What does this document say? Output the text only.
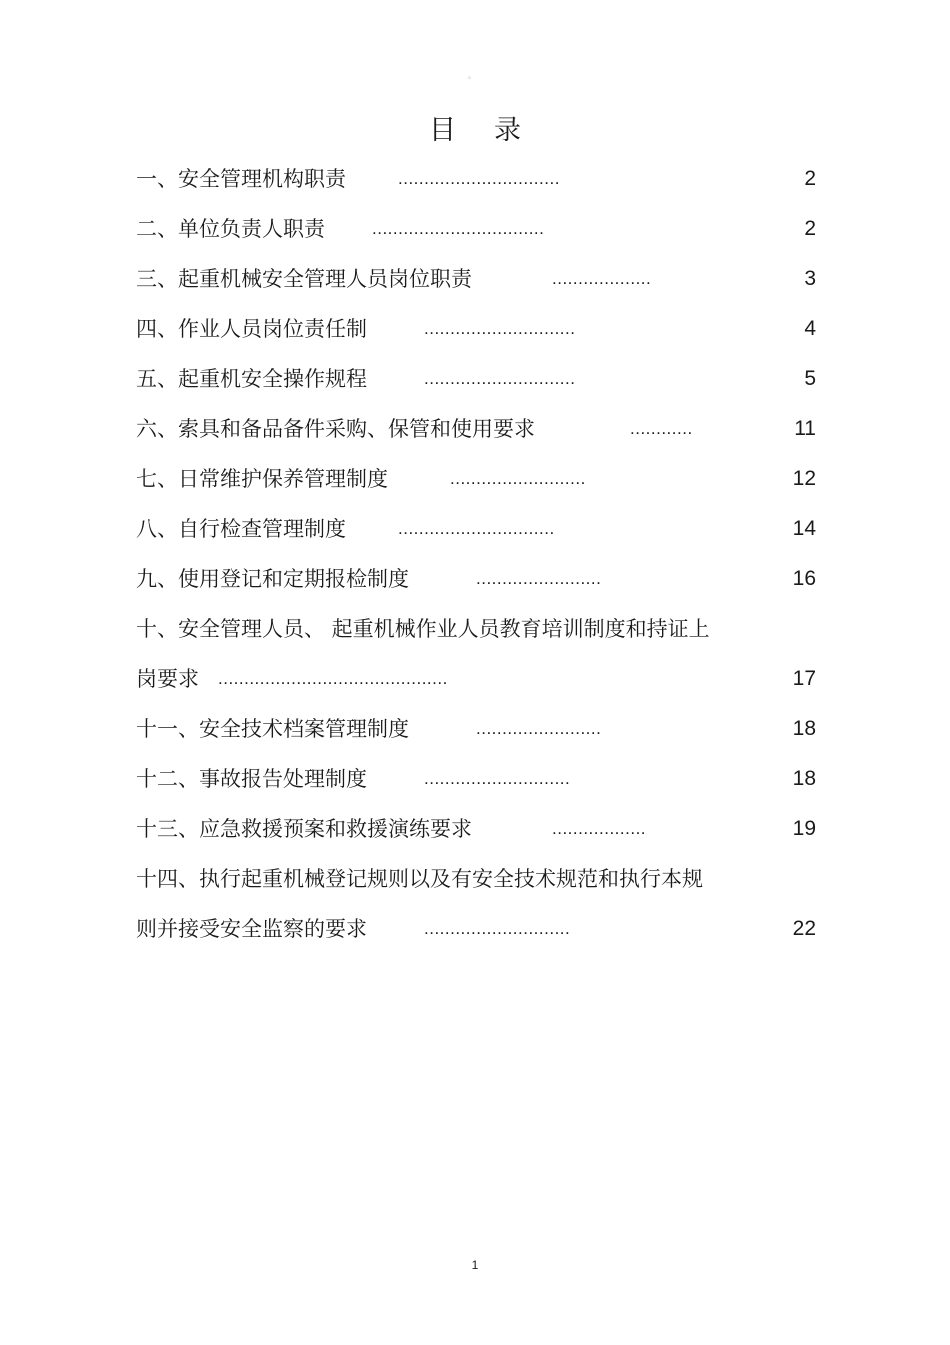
。
目 录
一、安全管理机构职责	...............................	2
二、单位负责人职责	.................................	2
三、起重机械安全管理人员岗位职责	...................	3
四、作业人员岗位责任制	.............................	4
五、起重机安全操作规程	.............................	5
六、索具和备品备件采购、保管和使用要求	............	11
七、日常维护保养管理制度	..........................	12
八、自行检查管理制度	..............................	14
九、使用登记和定期报检制度	........................	16
十、安全管理人员、 起重机械作业人员教育培训制度和持证上
岗要求 ............................................	17
十一、安全技术档案管理制度	........................	18
十二、事故报告处理制度	............................	18
十三、应急救援预案和救援演练要求	..................	19
十四、执行起重机械登记规则以及有安全技术规范和执行本规
则并接受安全监察的要求	............................	22
1
